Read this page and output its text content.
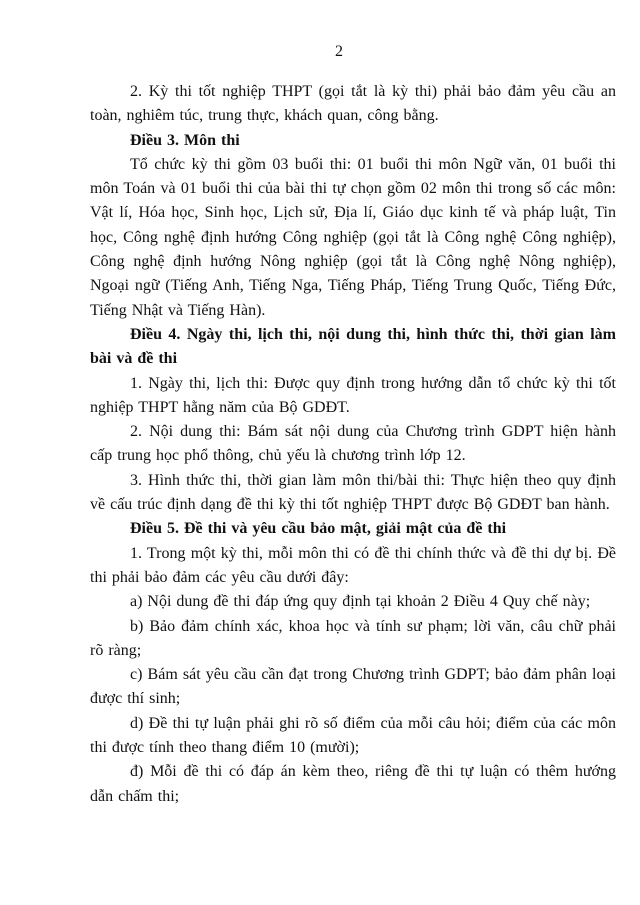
2

2. Kỳ thi tốt nghiệp THPT (gọi tắt là kỳ thi) phải bảo đảm yêu cầu an toàn, nghiêm túc, trung thực, khách quan, công bằng.

Điều 3. Môn thi

Tổ chức kỳ thi gồm 03 buổi thi: 01 buổi thi môn Ngữ văn, 01 buổi thi môn Toán và 01 buổi thi của bài thi tự chọn gồm 02 môn thi trong số các môn: Vật lí, Hóa học, Sinh học, Lịch sử, Địa lí, Giáo dục kinh tế và pháp luật, Tin học, Công nghệ định hướng Công nghiệp (gọi tắt là Công nghệ Công nghiệp), Công nghệ định hướng Nông nghiệp (gọi tắt là Công nghệ Nông nghiệp), Ngoại ngữ (Tiếng Anh, Tiếng Nga, Tiếng Pháp, Tiếng Trung Quốc, Tiếng Đức, Tiếng Nhật và Tiếng Hàn).

Điều 4. Ngày thi, lịch thi, nội dung thi, hình thức thi, thời gian làm bài và đề thi

1. Ngày thi, lịch thi: Được quy định trong hướng dẫn tổ chức kỳ thi tốt nghiệp THPT hằng năm của Bộ GDĐT.

2. Nội dung thi: Bám sát nội dung của Chương trình GDPT hiện hành cấp trung học phổ thông, chủ yếu là chương trình lớp 12.

3. Hình thức thi, thời gian làm môn thi/bài thi: Thực hiện theo quy định về cấu trúc định dạng đề thi kỳ thi tốt nghiệp THPT được Bộ GDĐT ban hành.

Điều 5. Đề thi và yêu cầu bảo mật, giải mật của đề thi

1. Trong một kỳ thi, mỗi môn thi có đề thi chính thức và đề thi dự bị. Đề thi phải bảo đảm các yêu cầu dưới đây:

a) Nội dung đề thi đáp ứng quy định tại khoản 2 Điều 4 Quy chế này;

b) Bảo đảm chính xác, khoa học và tính sư phạm; lời văn, câu chữ phải rõ ràng;

c) Bám sát yêu cầu cần đạt trong Chương trình GDPT; bảo đảm phân loại được thí sinh;

d) Đề thi tự luận phải ghi rõ số điểm của mỗi câu hỏi; điểm của các môn thi được tính theo thang điểm 10 (mười);

đ) Mỗi đề thi có đáp án kèm theo, riêng đề thi tự luận có thêm hướng dẫn chấm thi;
